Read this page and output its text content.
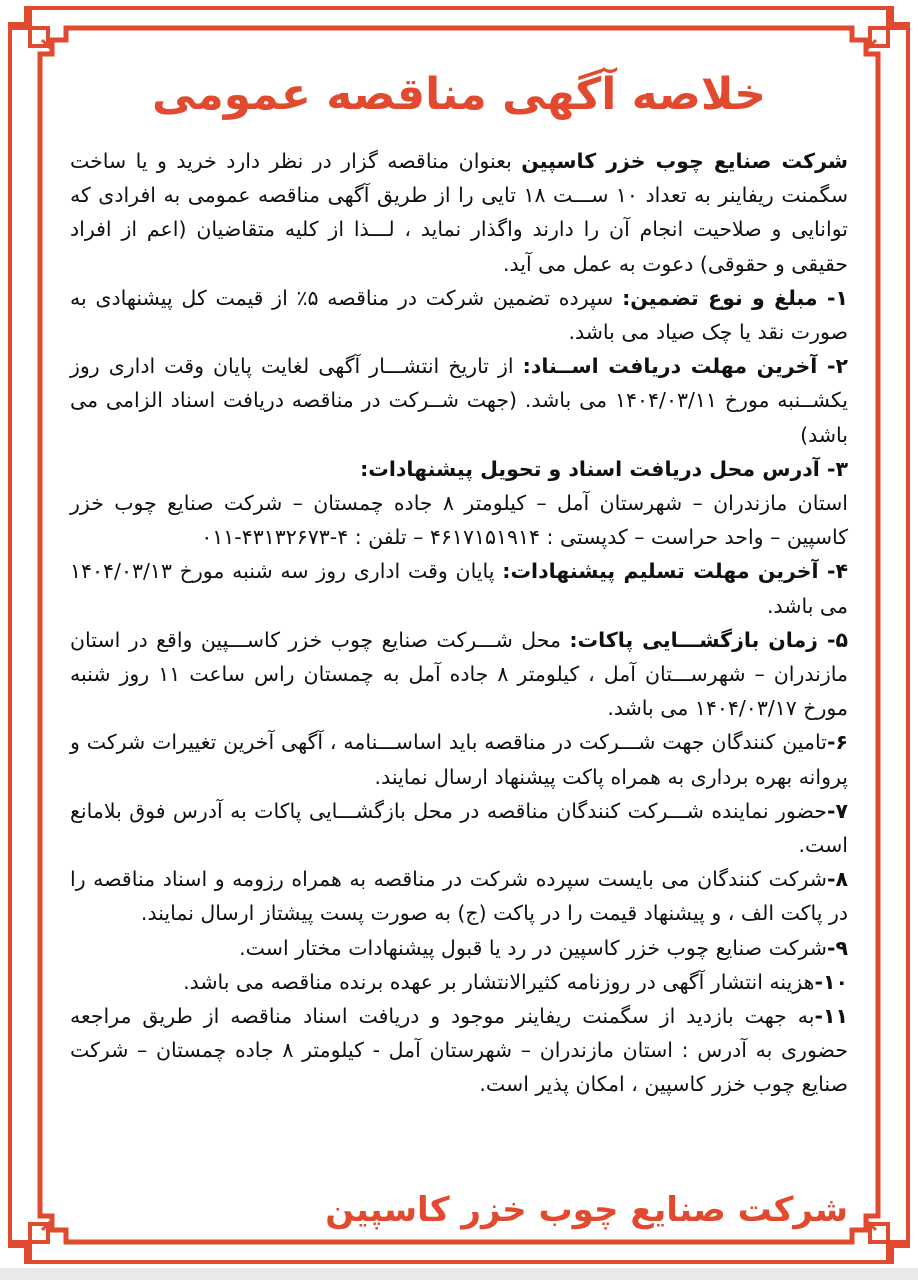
خلاصه آگهی مناقصه عمومی

شرکت صنایع چوب خزر کاسپین بعنوان مناقصه گزار در نظر دارد خرید و یا ساخت سگمنت ریفاینر به تعداد ۱۰ ســـت ۱۸ تایی را از طریق آگهی مناقصه عمومی به افرادی که توانایی و صلاحیت انجام آن را دارند واگذار نماید ، لـــذا از کلیه متقاضیان (اعم از افراد حقیقی و حقوقی) دعوت به عمل می آید.

۱- مبلغ و نوع تضمین: سپرده تضمین شرکت در مناقصه ۵٪ از قیمت کل پیشنهادی به صورت نقد یا چک صیاد می باشد.

۲- آخرین مهلت دریافت اســناد: از تاریخ انتشـــار آگهی لغایت پایان وقت اداری روز یکشــنبه مورخ ۱۴۰۴/۰۳/۱۱ می باشد. (جهت شــرکت در مناقصه دریافت اسناد الزامی می باشد)

۳- آدرس محل دریافت اسناد و تحویل پیشنهادات:
استان مازندران – شهرستان آمل – کیلومتر ۸ جاده چمستان – شرکت صنایع چوب خزر کاسپین – واحد حراست – کدپستی : ۴۶۱۷۱۵۱۹۱۴ – تلفن : ۴-۴۳۱۳۲۶۷۳-۰۱۱

۴- آخرین مهلت تسلیم پیشنهادات: پایان وقت اداری روز سه شنبه مورخ ۱۴۰۴/۰۳/۱۳ می باشد.

۵- زمان بازگشـــایی پاکات: محل شـــرکت صنایع چوب خزر کاســـپین واقع در استان مازندران – شهرســـتان آمل ، کیلومتر ۸ جاده آمل به چمستان راس ساعت ۱۱ روز شنبه مورخ ۱۴۰۴/۰۳/۱۷ می باشد.

۶-تامین کنندگان جهت شـــرکت در مناقصه باید اساســـنامه ، آگهی آخرین تغییرات شرکت و پروانه بهره برداری به همراه پاکت پیشنهاد ارسال نمایند.

۷-حضور نماینده شـــرکت کنندگان مناقصه در محل بازگشـــایی پاکات به آدرس فوق بلامانع است.

۸-شرکت کنندگان می بایست سپرده شرکت در مناقصه به همراه رزومه و اسناد مناقصه را در پاکت الف ، و پیشنهاد قیمت را در پاکت (ج) به صورت پست پیشتاز ارسال نمایند.

۹-شرکت صنایع چوب خزر کاسپین در رد یا قبول پیشنهادات مختار است.

۱۰-هزینه انتشار آگهی در روزنامه کثیرالانتشار بر عهده برنده مناقصه می باشد.

۱۱-به جهت بازدید از سگمنت ریفاینر موجود و دریافت اسناد مناقصه از طریق مراجعه حضوری به آدرس : استان مازندران – شهرستان آمل - کیلومتر ۸ جاده چمستان – شرکت صنایع چوب خزر کاسپین ، امکان پذیر است.

شرکت صنایع چوب خزر کاسپین
